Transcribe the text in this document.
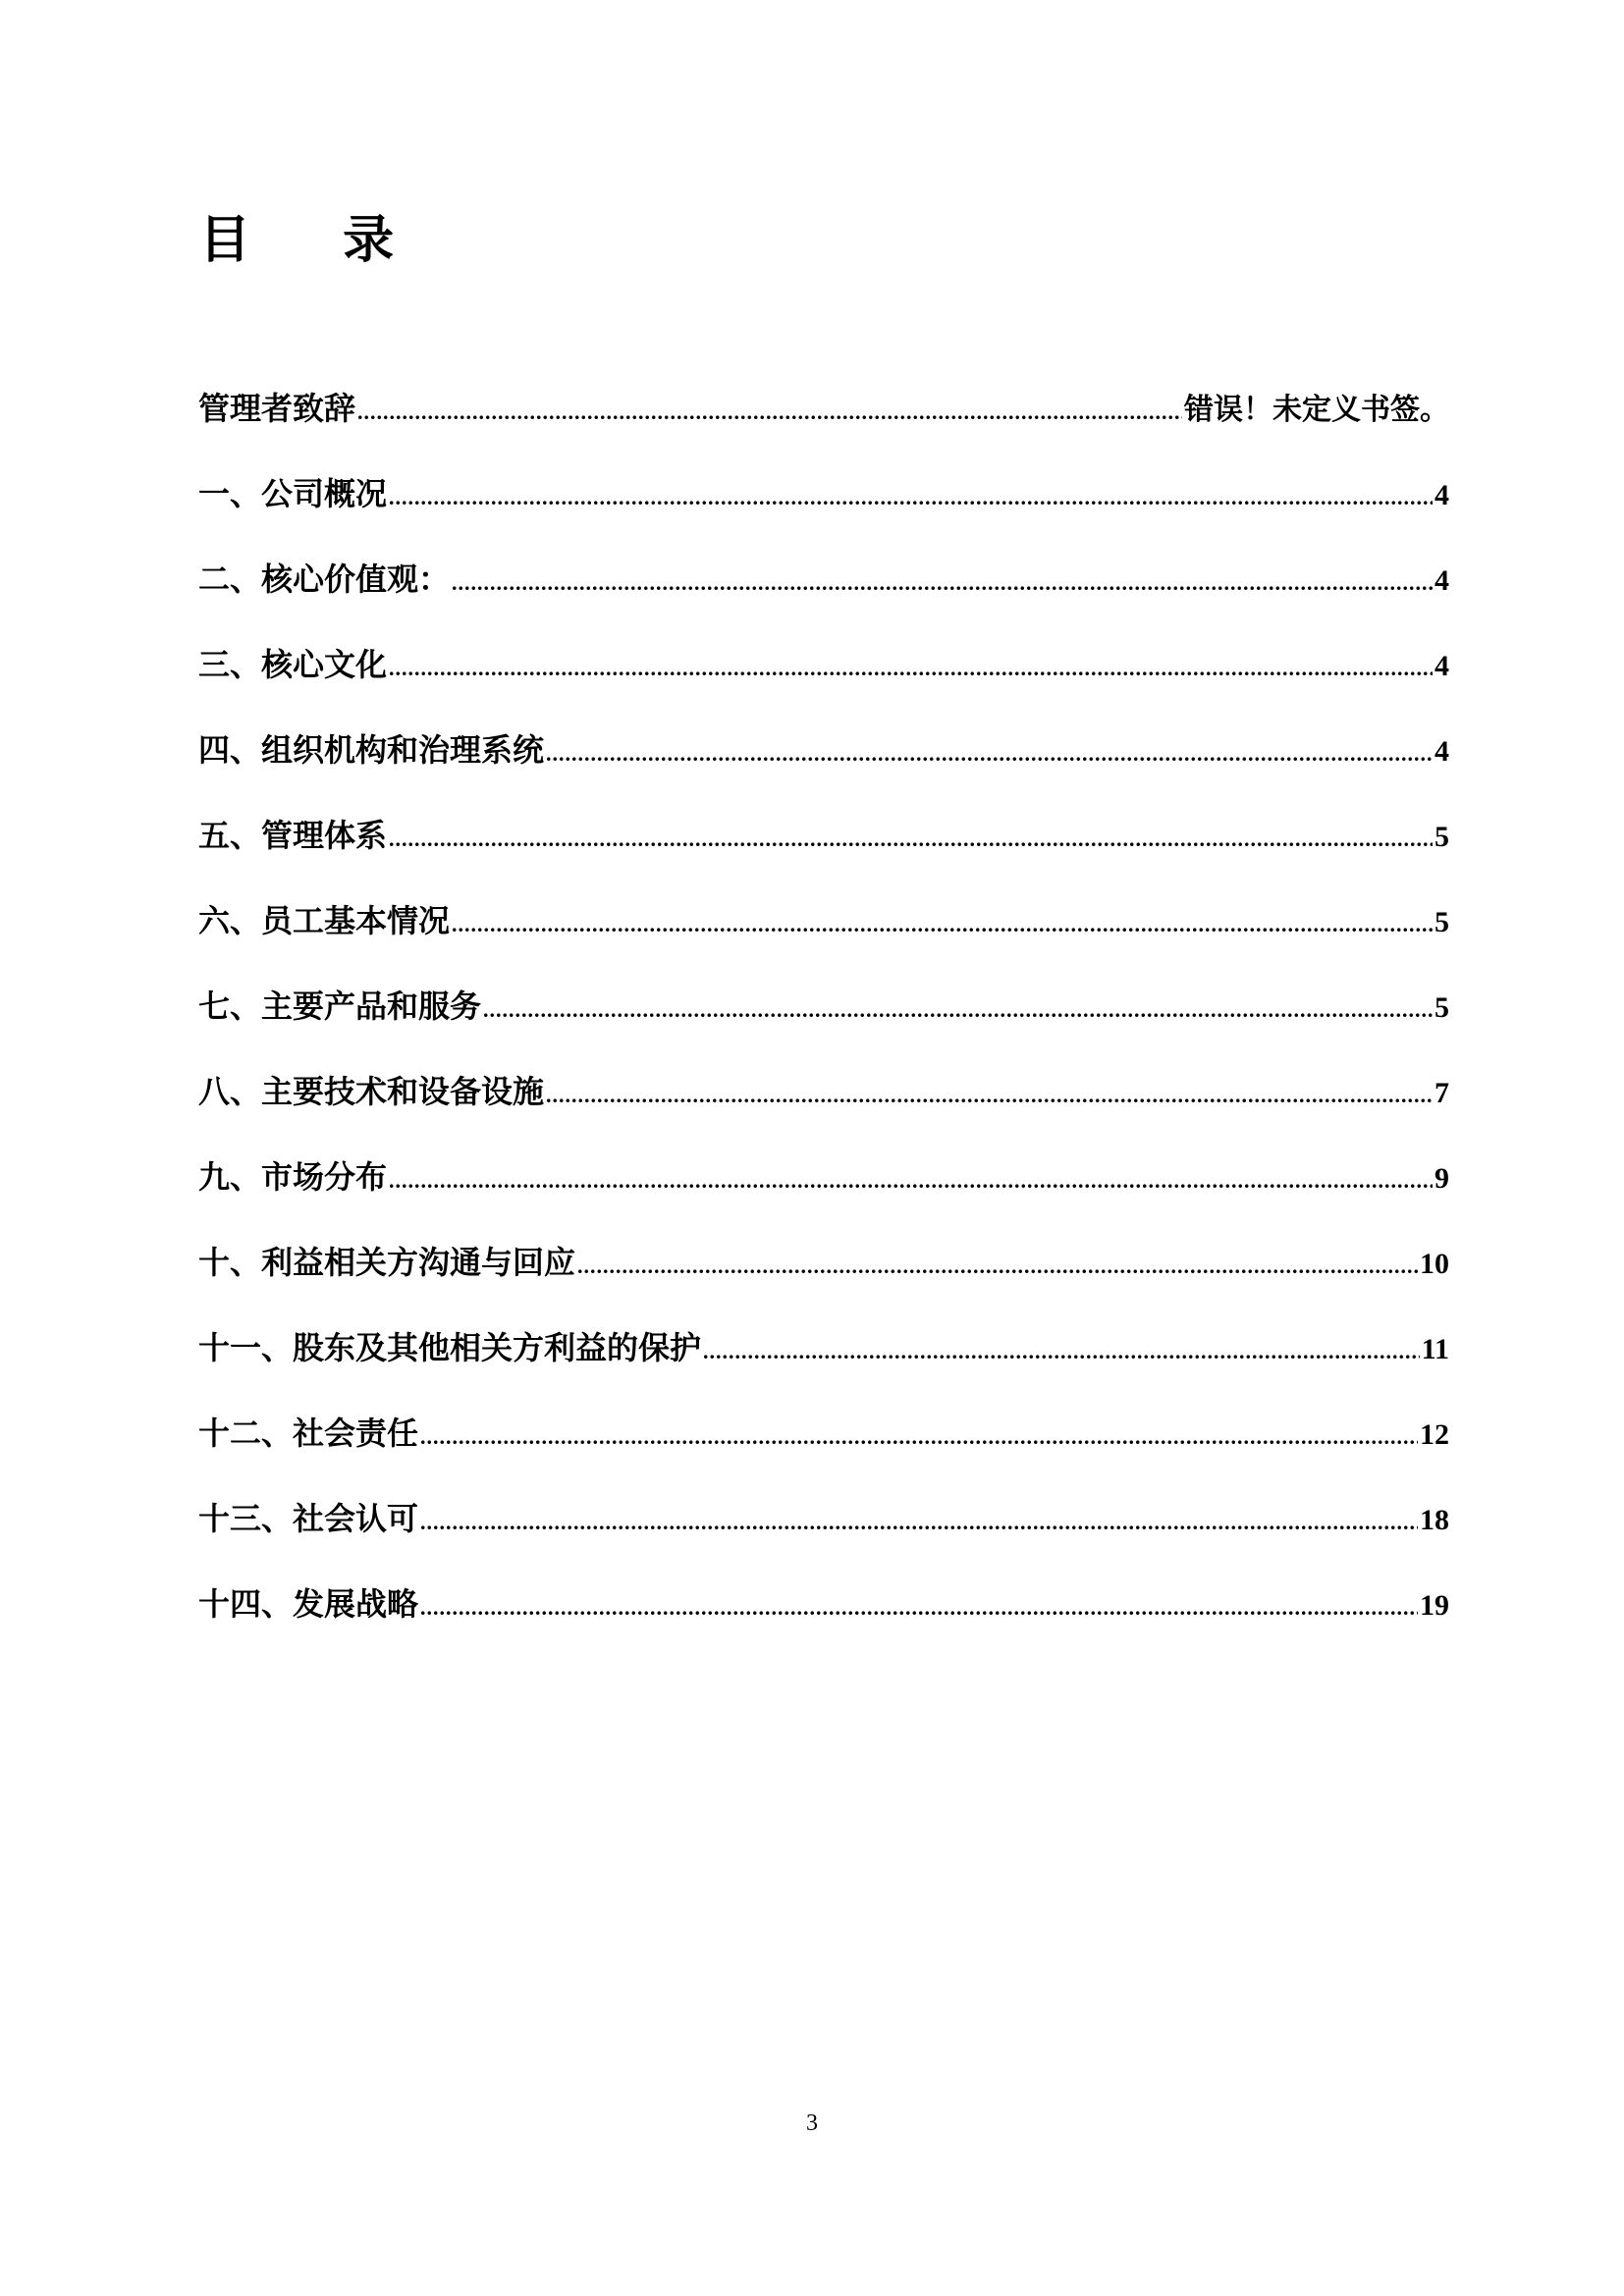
目 录
管理者致辞 .....	错误！未定义书签。
一、公司概况 .....	4
二、核心价值观： .....	4
三、核心文化 .....	4
四、组织机构和治理系统 .....	4
五、管理体系 .....	5
六、员工基本情况 .....	5
七、主要产品和服务 .....	5
八、主要技术和设备设施 .....	7
九、市场分布 .....	9
十、利益相关方沟通与回应 .....	10
十一、股东及其他相关方利益的保护 .....	11
十二、社会责任 .....	12
十三、社会认可 .....	18
十四、发展战略 .....	19
3
